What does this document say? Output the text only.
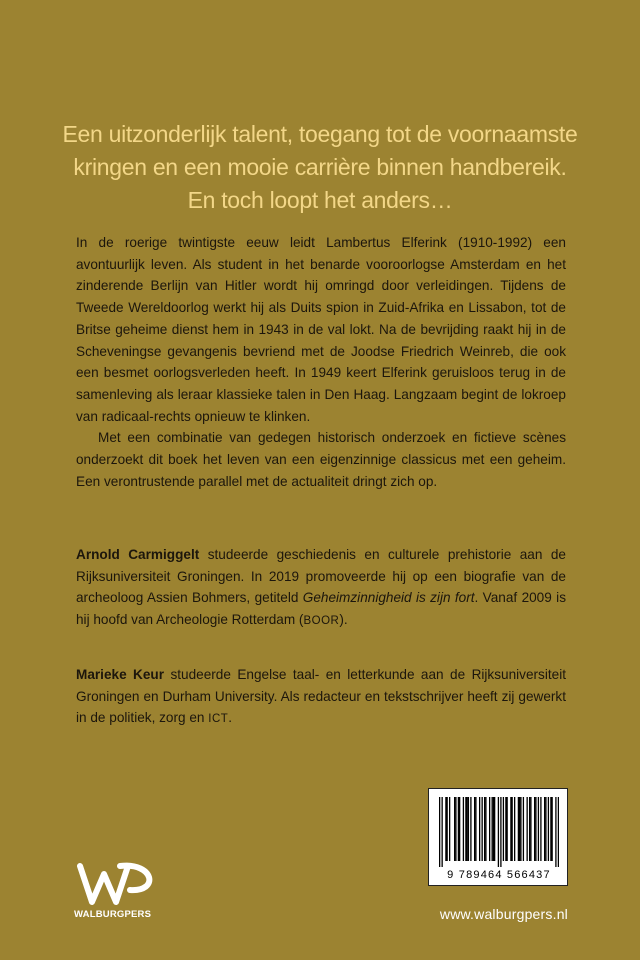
Een uitzonderlijk talent, toegang tot de voornaamste
kringen en een mooie carrière binnen handbereik.
En toch loopt het anders…

In de roerige twintigste eeuw leidt Lambertus Elferink (1910-1992) een avontuurlijk leven. Als student in het benarde vooroorlogse Amsterdam en het zinderende Berlijn van Hitler wordt hij omringd door verleidingen. Tijdens de Tweede Wereldoorlog werkt hij als Duits spion in Zuid-Afrika en Lissabon, tot de Britse geheime dienst hem in 1943 in de val lokt. Na de bevrijding raakt hij in de Scheveningse gevangenis bevriend met de Joodse Friedrich Weinreb, die ook een besmet oorlogsverleden heeft. In 1949 keert Elferink geruisloos terug in de samenleving als leraar klassieke talen in Den Haag. Langzaam begint de lokroep van radicaal-rechts opnieuw te klinken.

Met een combinatie van gedegen historisch onderzoek en fictieve scènes onderzoekt dit boek het leven van een eigenzinnige classicus met een geheim. Een verontrustende parallel met de actualiteit dringt zich op.

Arnold Carmiggelt studeerde geschiedenis en culturele prehistorie aan de Rijksuniversiteit Groningen. In 2019 promoveerde hij op een biografie van de archeoloog Assien Bohmers, getiteld Geheimzinnigheid is zijn fort. Vanaf 2009 is hij hoofd van Archeologie Rotterdam (BOOR).

Marieke Keur studeerde Engelse taal- en letterkunde aan de Rijksuniversiteit Groningen en Durham University. Als redacteur en tekstschrijver heeft zij gewerkt in de politiek, zorg en ICT.

WALBURGPERS
9 789464 566437
www.walburgpers.nl
